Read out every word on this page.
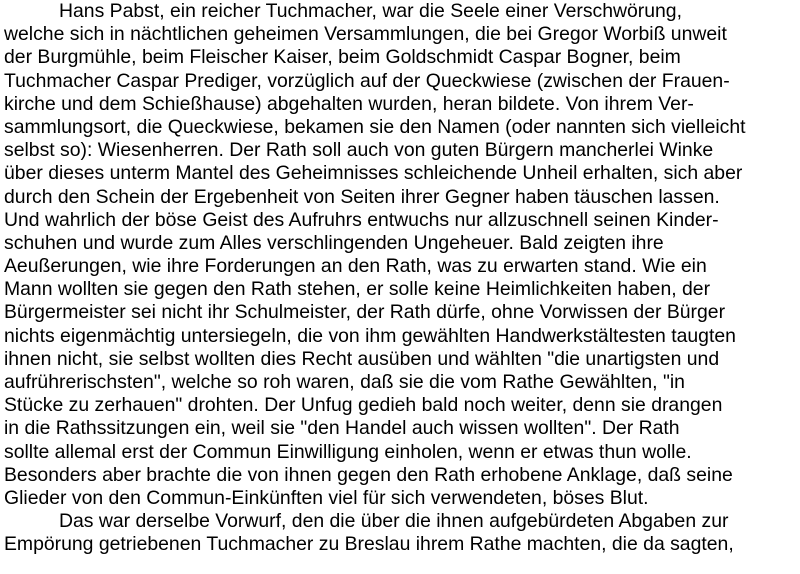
Hans Pabst, ein reicher Tuchmacher, war die Seele einer Verschwörung,
welche sich in nächtlichen geheimen Versammlungen, die bei Gregor Worbiß unweit
der Burgmühle, beim Fleischer Kaiser, beim Goldschmidt Caspar Bogner, beim
Tuchmacher Caspar Prediger, vorzüglich auf der Queckwiese (zwischen der Frauen-
kirche und dem Schießhause) abgehalten wurden, heran bildete. Von ihrem Ver-
sammlungsort, die Queckwiese, bekamen sie den Namen (oder nannten sich vielleicht
selbst so): Wiesenherren. Der Rath soll auch von guten Bürgern mancherlei Winke
über dieses unterm Mantel des Geheimnisses schleichende Unheil erhalten, sich aber
durch den Schein der Ergebenheit von Seiten ihrer Gegner haben täuschen lassen.
Und wahrlich der böse Geist des Aufruhrs entwuchs nur allzuschnell seinen Kinder-
schuhen und wurde zum Alles verschlingenden Ungeheuer. Bald zeigten ihre
Aeußerungen, wie ihre Forderungen an den Rath, was zu erwarten stand. Wie ein
Mann wollten sie gegen den Rath stehen, er solle keine Heimlichkeiten haben, der
Bürgermeister sei nicht ihr Schulmeister, der Rath dürfe, ohne Vorwissen der Bürger
nichts eigenmächtig untersiegeln, die von ihm gewählten Handwerkstältesten taugten
ihnen nicht, sie selbst wollten dies Recht ausüben und wählten "die unartigsten und
aufrührerischsten", welche so roh waren, daß sie die vom Rathe Gewählten, "in
Stücke zu zerhauen" drohten. Der Unfug gedieh bald noch weiter, denn sie drangen
in die Rathssitzungen ein, weil sie "den Handel auch wissen wollten". Der Rath
sollte allemal erst der Commun Einwilligung einholen, wenn er etwas thun wolle.
Besonders aber brachte die von ihnen gegen den Rath erhobene Anklage, daß seine
Glieder von den Commun-Einkünften viel für sich verwendeten, böses Blut.
Das war derselbe Vorwurf, den die über die ihnen aufgebürdeten Abgaben zur
Empörung getriebenen Tuchmacher zu Breslau ihrem Rathe machten, die da sagten,
